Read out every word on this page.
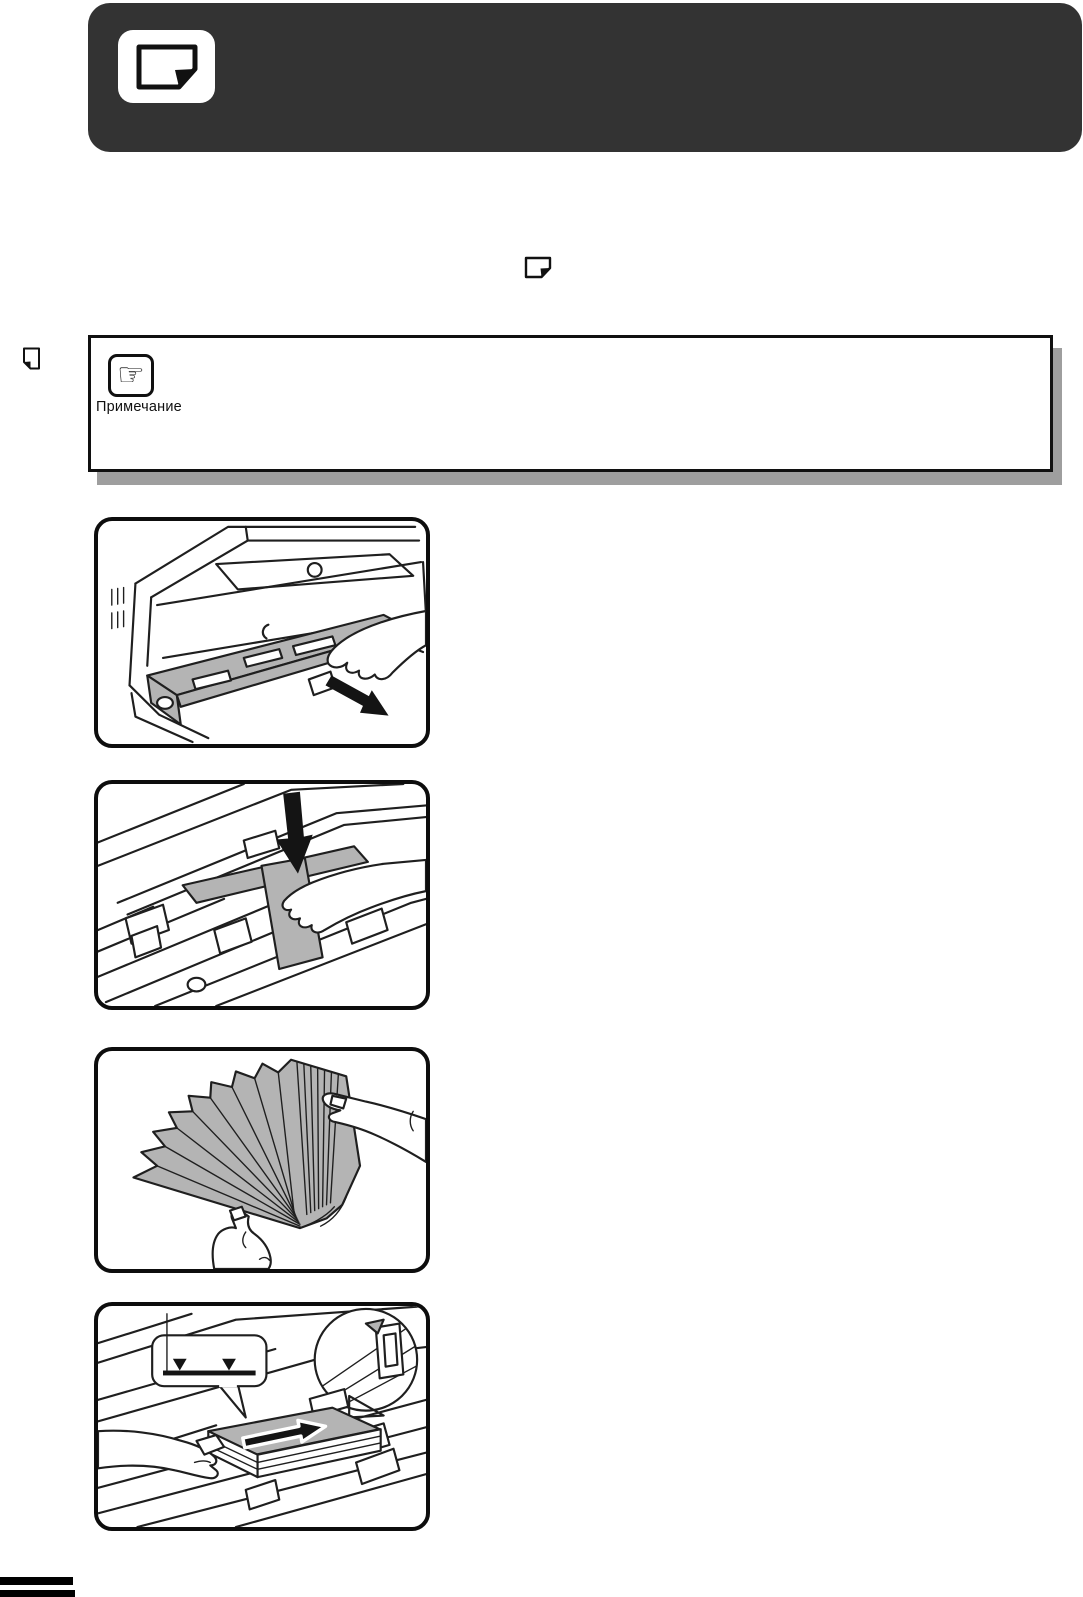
☞
Примечание
